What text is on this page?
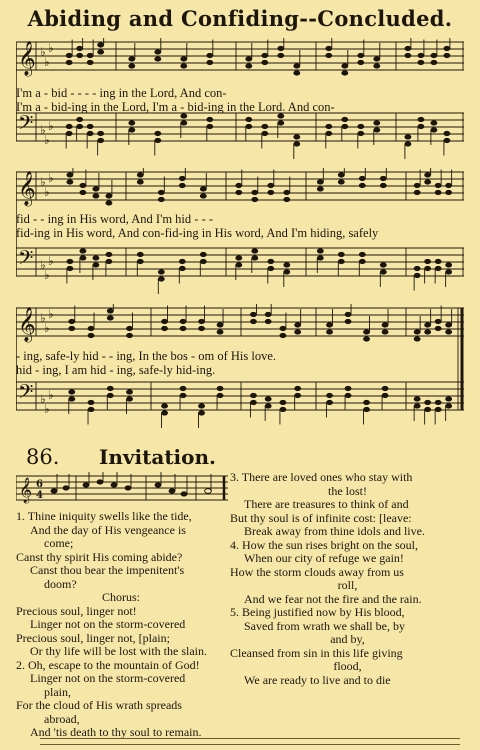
Abiding and Confiding--Concluded.
𝄞
𝄢
♭
♭
♭
♭
♭
♭
I'm a - bid - - - - ing in the Lord, And con-
I'm a - bid-ing in the Lord, I'm a - bid-ing in the Lord. And con-
𝄞
𝄢
♭
♭
♭
♭
♭
♭
fid - - ing in His word, And I'm hid - - -
fid-ing in His word, And con-fid-ing in His word, And I'm hiding, safely
𝄞
𝄢
♭
♭
♭
♭
♭
♭
- ing, safe-ly hid - - ing, In the bos - om of His love.
hid - ing, I am hid - ing, safe-ly hid-ing.
86.	Invitation.
𝄞 6
4
1. Thine iniquity swells like the tide,
And the day of His vengeance is
come;
Canst thy spirit His coming abide?
Canst thou bear the impenitent's
doom?
Chorus:
Precious soul, linger not!
Linger not on the storm-covered
Precious soul, linger not, [plain;
Or thy life will be lost with the slain.
2. Oh, escape to the mountain of God!
Linger not on the storm-covered
plain,
For the cloud of His wrath spreads
abroad,
And 'tis death to thy soul to remain.
3. There are loved ones who stay with
the lost!
There are treasures to think of and
But thy soul is of infinite cost: [leave:
Break away from thine idols and live.
4. How the sun rises bright on the soul,
When our city of refuge we gain!
How the storm clouds away from us
roll,
And we fear not the fire and the rain.
5. Being justified now by His blood,
Saved from wrath we shall be, by
and by,
Cleansed from sin in this life giving
flood,
We are ready to live and to die
